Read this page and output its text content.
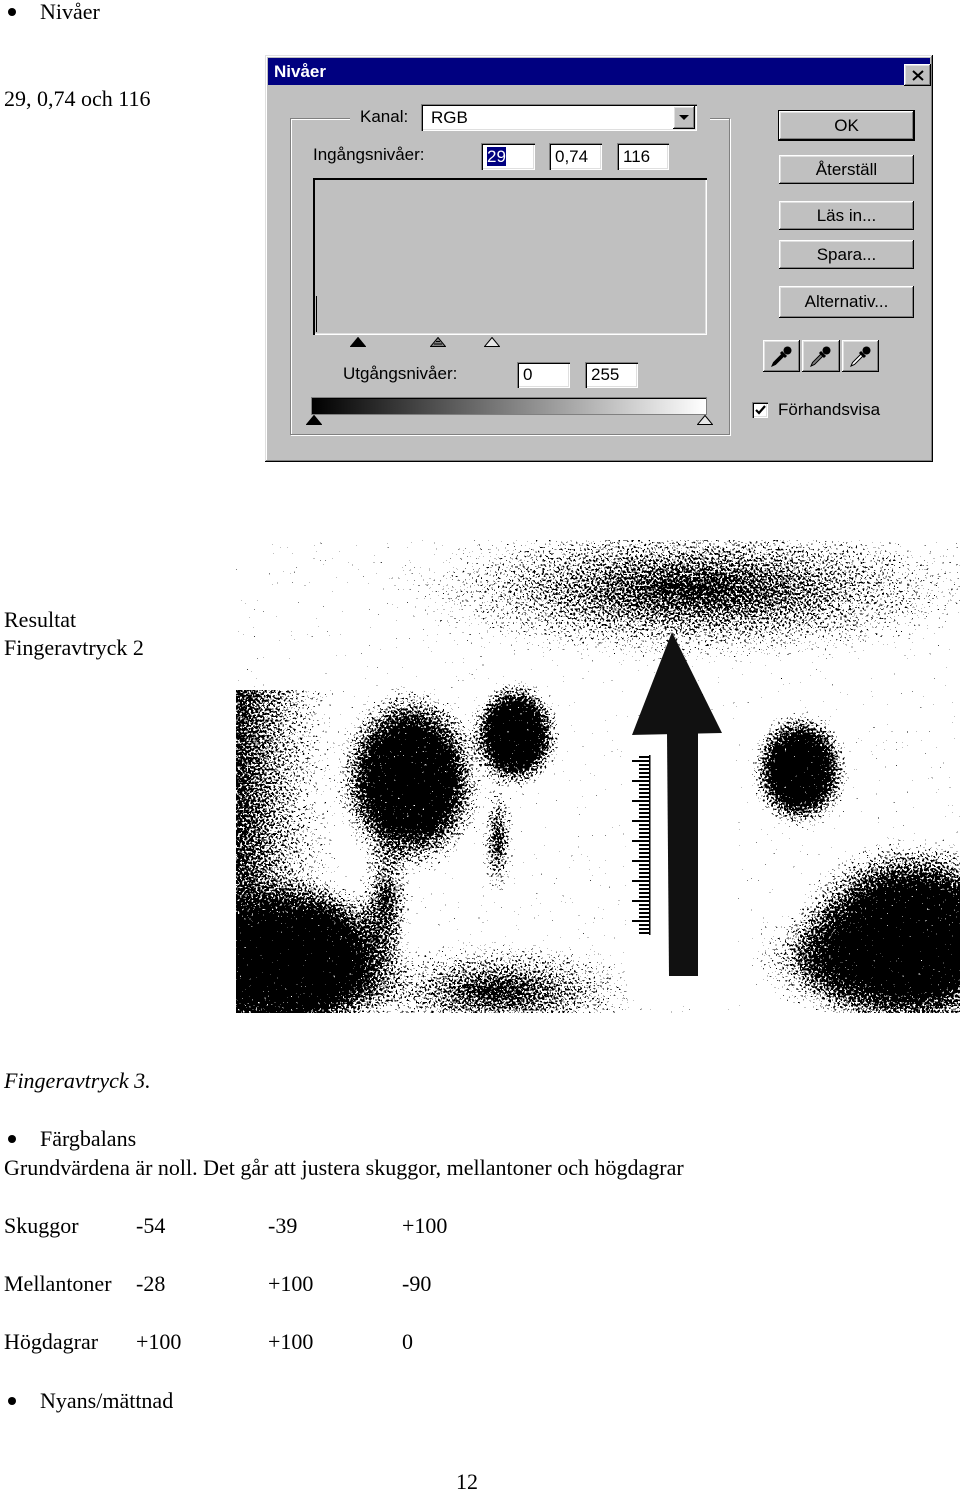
Nivåer
29, 0,74 och 116
Nivåer
Kanal:	RGB
Ingångsnivåer:	29	0,74	116
Utgångsnivåer:	0	255
OK
Återställ
Läs in...
Spara...
Alternativ...
Förhandsvisa
Resultat
Fingeravtryck 2
Fingeravtryck 3.
Färgbalans
Grundvärdena är noll. Det går att justera skuggor, mellantoner och högdagrar
Skuggor	-54	-39	+100
Mellantoner -28	+100	-90
Högdagrar +100	+100	0
Nyans/mättnad
12
